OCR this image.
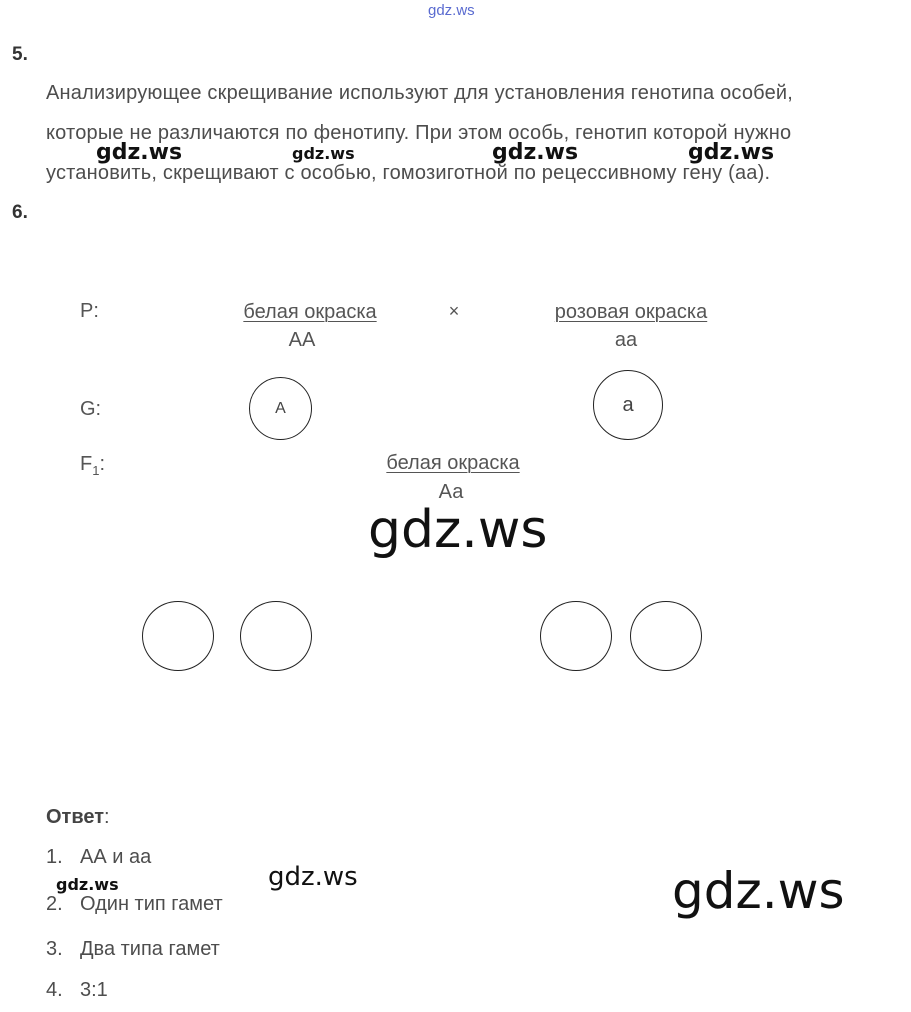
gdz.ws
5.
Анализирующее скрещивание используют для установления генотипа особей,
которые не различаются по фенотипу. При этом особь, генотип которой нужно
установить, скрещивают с особью, гомозиготной по рецессивному гену (аа).
gdz.ws	gdz.ws	gdz.ws	gdz.ws
6.
P:	белая окраска
АА
×	розовая окраска
аа
G:	А	а
$F_1$:	белая окраска
Аа
gdz.ws
Ответ:
1. АА и аа
2. Один тип гамет
3. Два типа гамет
4. 3:1
gdz.ws	gdz.ws	gdz.ws
